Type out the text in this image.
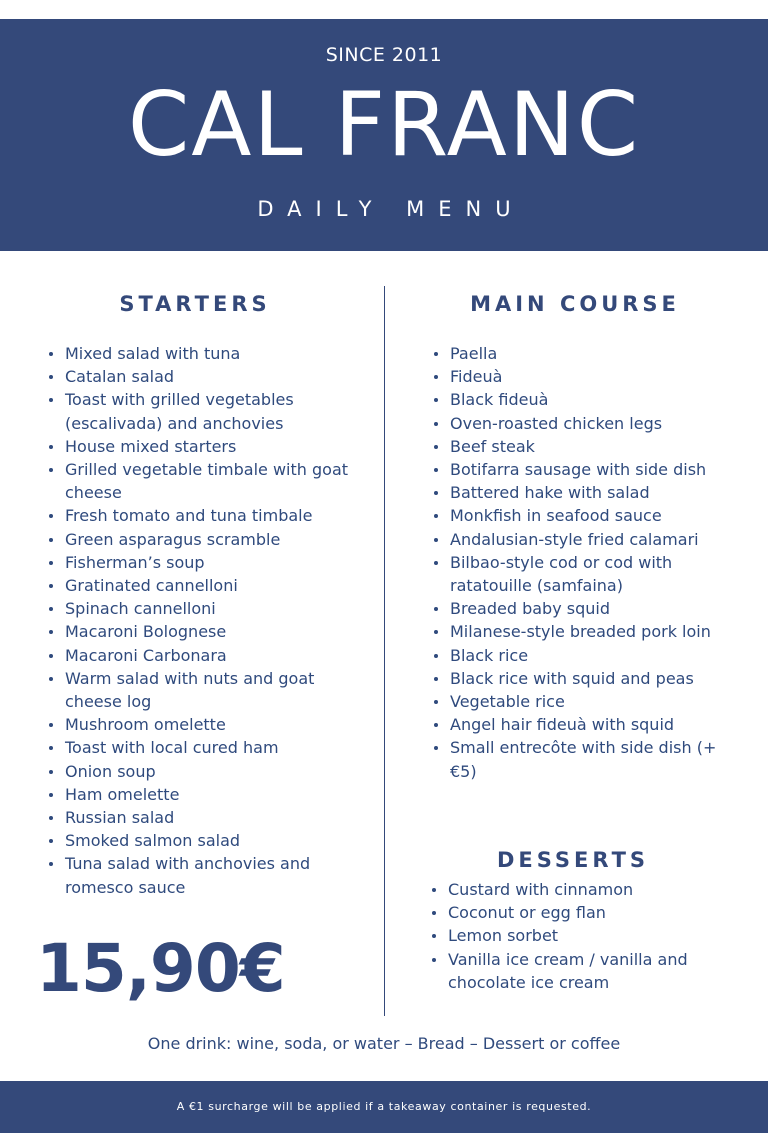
SINCE 2011
CAL FRANC
DAILY MENU
STARTERS
Mixed salad with tuna
Catalan salad
Toast with grilled vegetables (escalivada) and anchovies
House mixed starters
Grilled vegetable timbale with goat cheese
Fresh tomato and tuna timbale
Green asparagus scramble
Fisherman’s soup
Gratinated cannelloni
Spinach cannelloni
Macaroni Bolognese
Macaroni Carbonara
Warm salad with nuts and goat cheese log
Mushroom omelette
Toast with local cured ham
Onion soup
Ham omelette
Russian salad
Smoked salmon salad
Tuna salad with anchovies and romesco sauce
MAIN COURSE
Paella
Fideuà
Black fideuà
Oven-roasted chicken legs
Beef steak
Botifarra sausage with side dish
Battered hake with salad
Monkfish in seafood sauce
Andalusian-style fried calamari
Bilbao-style cod or cod with ratatouille (samfaina)
Breaded baby squid
Milanese-style breaded pork loin
Black rice
Black rice with squid and peas
Vegetable rice
Angel hair fideuà with squid
Small entrecôte with side dish (+ €5)
DESSERTS
Custard with cinnamon
Coconut or egg flan
Lemon sorbet
Vanilla ice cream / vanilla and chocolate ice cream
15,90€
One drink: wine, soda, or water – Bread – Dessert or coffee
A €1 surcharge will be applied if a takeaway container is requested.
